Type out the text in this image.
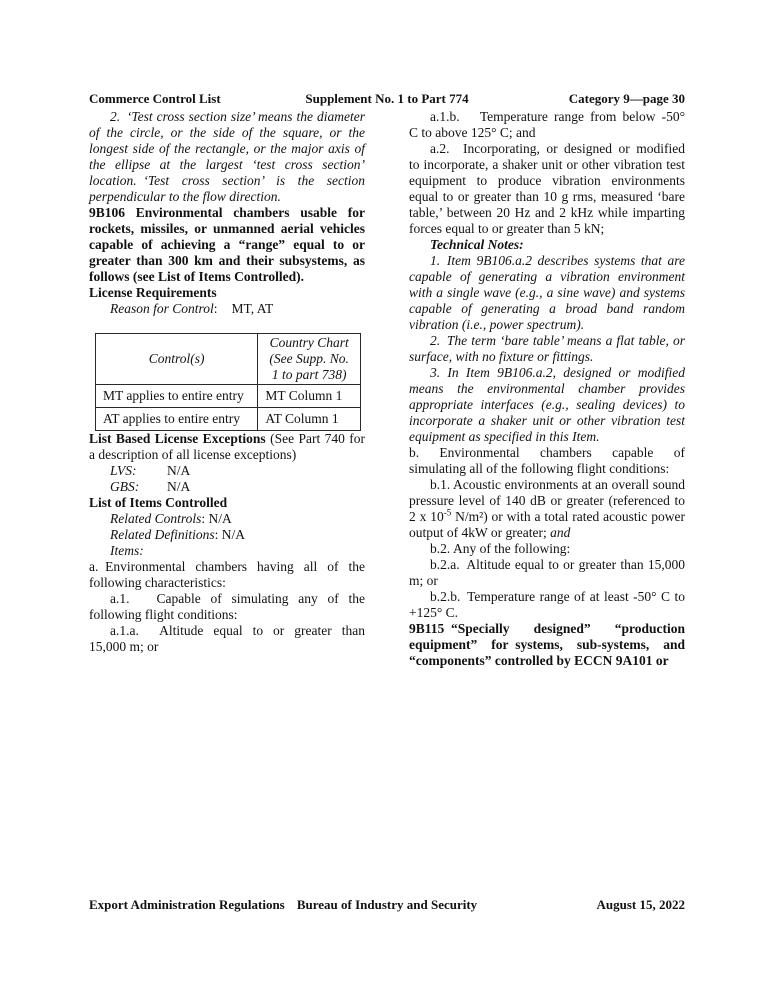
Commerce Control List	Supplement No. 1 to Part 774	Category 9—page 30

2. ‘Test cross section size’ means the diameter of the circle, or the side of the square, or the longest side of the rectangle, or the major axis of the ellipse at the largest ‘test cross section’ location. ‘Test cross section’ is the section perpendicular to the flow direction.

9B106 Environmental chambers usable for rockets, missiles, or unmanned aerial vehicles capable of achieving a “range” equal to or greater than 300 km and their subsystems, as follows (see List of Items Controlled).

License Requirements

Reason for Control: MT, AT

Control(s)	Country Chart (See Supp. No. 1 to part 738)
MT applies to entire entry	MT Column 1
AT applies to entire entry	AT Column 1

List Based License Exceptions (See Part 740 for a description of all license exceptions)

LVS: N/A

GBS: N/A

List of Items Controlled

Related Controls: N/A

Related Definitions: N/A

Items:

a. Environmental chambers having all of the following characteristics:

a.1.  Capable of simulating any of the following flight conditions:

a.1.a.  Altitude equal to or greater than 15,000 m; or

a.1.b.  Temperature range from below -50° C to above 125° C; and

a.2. Incorporating, or designed or modified to incorporate, a shaker unit or other vibration test equipment to produce vibration environments equal to or greater than 10 g rms, measured ‘bare table,’ between 20 Hz and 2 kHz while imparting forces equal to or greater than 5 kN;

Technical Notes:

1. Item 9B106.a.2 describes systems that are capable of generating a vibration environment with a single wave (e.g., a sine wave) and systems capable of generating a broad band random vibration (i.e., power spectrum).

2. The term ‘bare table’ means a flat table, or surface, with no fixture or fittings.

3. In Item 9B106.a.2, designed or modified means the environmental chamber provides appropriate interfaces (e.g., sealing devices) to incorporate a shaker unit or other vibration test equipment as specified in this Item.

b.  Environmental chambers capable of simulating all of the following flight conditions:

b.1. Acoustic environments at an overall sound pressure level of 140 dB or greater (referenced to 2 x $10^{-5}$ N/m²) or with a total rated acoustic power output of 4kW or greater; and

b.2. Any of the following:

b.2.a. Altitude equal to or greater than 15,000 m; or

b.2.b. Temperature range of at least -50° C to +125° C.

9B115 “Specially designed” “production equipment” for systems, sub-systems, and “components” controlled by ECCN 9A101 or

Export Administration Regulations Bureau of Industry and Security	August 15, 2022
